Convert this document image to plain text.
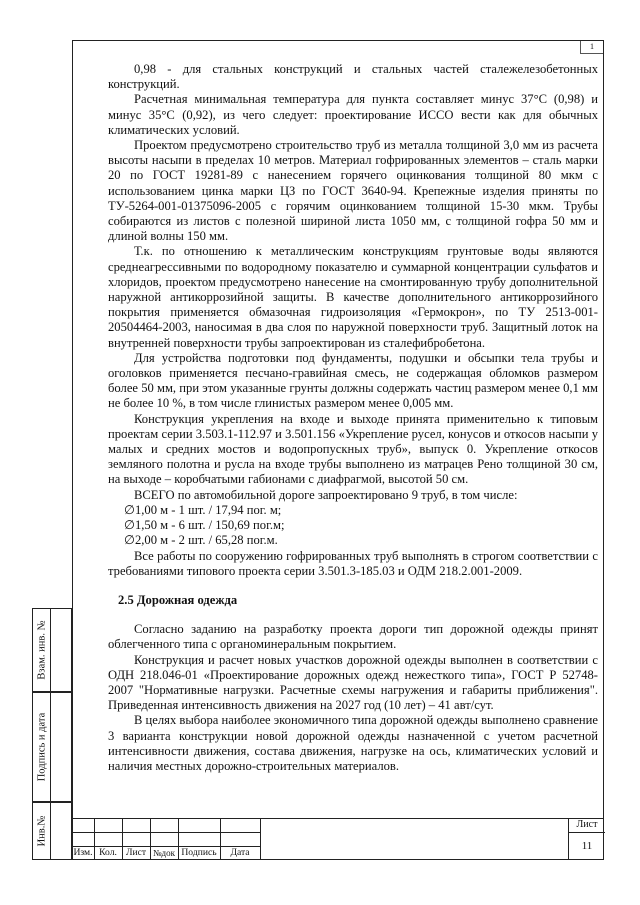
1

0,98 - для стальных конструкций и стальных частей сталежелезобетонных конструкций.

Расчетная минимальная температура для пункта составляет минус 37°С (0,98) и минус 35°С (0,92), из чего следует: проектирование ИССО вести как для обычных климатических условий.

Проектом предусмотрено строительство труб из металла толщиной 3,0 мм из расчета высоты насыпи в пределах 10 метров. Материал гофрированных элементов – сталь марки 20 по ГОСТ 19281-89 с нанесением горячего оцинкования толщиной 80 мкм с использованием цинка марки ЦЗ по ГОСТ 3640-94. Крепежные изделия приняты по ТУ-5264-001-01375096-2005 с горячим оцинкованием толщиной 15-30 мкм. Трубы собираются из листов с полезной шириной листа 1050 мм, с толщиной гофра 50 мм и длиной волны 150 мм.

Т.к. по отношению к металлическим конструкциям грунтовые воды являются среднеагрессивными по водородному показателю и суммарной концентрации сульфатов и хлоридов, проектом предусмотрено нанесение на смонтированную трубу дополнительной наружной антикоррозийной защиты. В качестве дополнительного антикоррозийного покрытия применяется обмазочная гидроизоляция «Гермокрон», по ТУ 2513-001-20504464-2003, наносимая в два слоя по наружной поверхности труб. Защитный лоток на внутренней поверхности трубы запроектирован из сталефибробетона.

Для устройства подготовки под фундаменты, подушки и обсыпки тела трубы и оголовков применяется песчано-гравийная смесь, не содержащая обломков размером более 50 мм, при этом указанные грунты должны содержать частиц размером менее 0,1 мм не более 10 %, в том числе глинистых размером менее 0,005 мм.

Конструкция укрепления на входе и выходе принята применительно к типовым проектам серии 3.503.1-112.97 и 3.501.156 «Укрепление русел, конусов и откосов насыпи у малых и средних мостов и водопропускных труб», выпуск 0. Укрепление откосов земляного полотна и русла на входе трубы выполнено из матрацев Рено толщиной 30 см, на выходе – коробчатыми габионами с диафрагмой, высотой 50 см.

ВСЕГО по автомобильной дороге запроектировано 9 труб, в том числе:

∅1,00 м - 1 шт. / 17,94 пог. м;

∅1,50 м - 6 шт. / 150,69 пог.м;

∅2,00 м - 2 шт. / 65,28 пог.м.

Все работы по сооружению гофрированных труб выполнять в строгом соответствии с требованиями типового проекта серии 3.501.3-185.03 и ОДМ 218.2.001-2009.

2.5 Дорожная одежда

Согласно заданию на разработку проекта дороги тип дорожной одежды принят облегченного типа с органоминеральным покрытием.

Конструкция и расчет новых участков дорожной одежды выполнен в соответствии с ОДН 218.046-01 «Проектирование дорожных одежд нежесткого типа», ГОСТ Р 52748-2007 "Нормативные нагрузки. Расчетные схемы нагружения и габариты приближения". Приведенная интенсивность движения на 2027 год (10 лет) – 41 авт/сут.

В целях выбора наиболее экономичного типа дорожной одежды выполнено сравнение 3 варианта конструкции новой дорожной одежды назначенной с учетом расчетной интенсивности движения, состава движения, нагрузке на ось, климатических условий и наличия местных дорожно-строительных материалов.

Взам. инв. №
Подпись и дата
Инв.№
Изм. Кол. Лист №док Подпись	Дата
Лист
11
